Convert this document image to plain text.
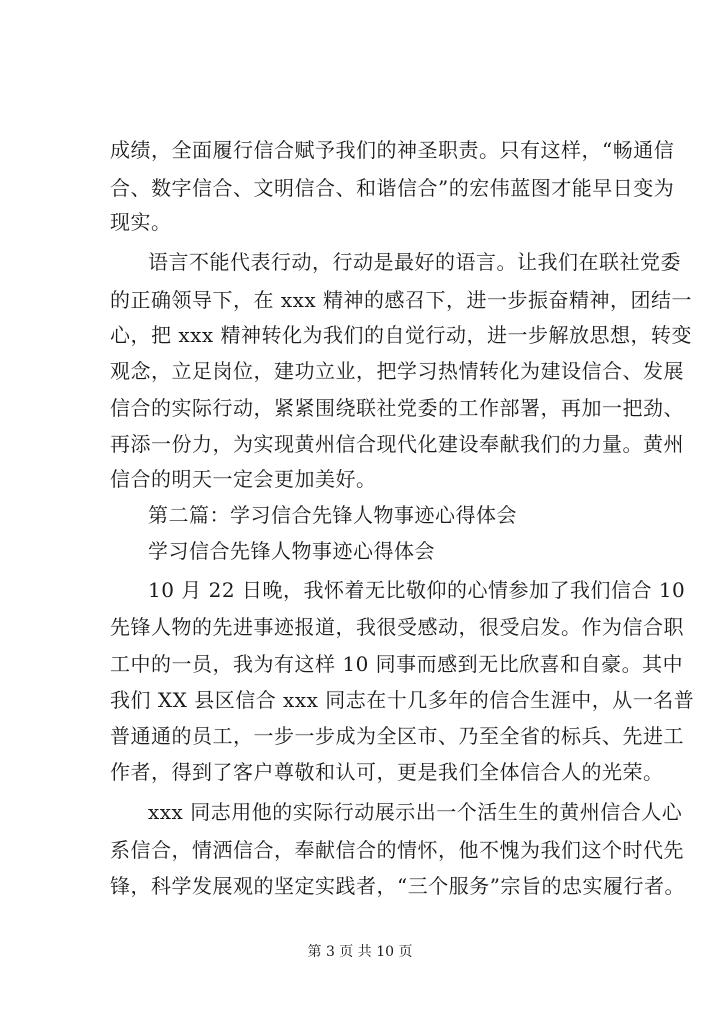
成绩，全面履行信合赋予我们的神圣职责。只有这样，“畅通信
合、数字信合、文明信合、和谐信合”的宏伟蓝图才能早日变为
现实。
语言不能代表行动，行动是最好的语言。让我们在联社党委
的正确领导下，在 xxx 精神的感召下，进一步振奋精神，团结一
心，把 xxx 精神转化为我们的自觉行动，进一步解放思想，转变
观念，立足岗位，建功立业，把学习热情转化为建设信合、发展
信合的实际行动，紧紧围绕联社党委的工作部署，再加一把劲、
再添一份力，为实现黄州信合现代化建设奉献我们的力量。黄州
信合的明天一定会更加美好。
第二篇：学习信合先锋人物事迹心得体会
学习信合先锋人物事迹心得体会
10 月 22 日晚，我怀着无比敬仰的心情参加了我们信合 10
先锋人物的先进事迹报道，我很受感动，很受启发。作为信合职
工中的一员，我为有这样 10 同事而感到无比欣喜和自豪。其中
我们 XX 县区信合 xxx 同志在十几多年的信合生涯中，从一名普
普通通的员工，一步一步成为全区市、乃至全省的标兵、先进工
作者，得到了客户尊敬和认可，更是我们全体信合人的光荣。
xxx 同志用他的实际行动展示出一个活生生的黄州信合人心
系信合，情洒信合，奉献信合的情怀，他不愧为我们这个时代先
锋，科学发展观的坚定实践者，“三个服务”宗旨的忠实履行者。
第 3 页 共 10 页
